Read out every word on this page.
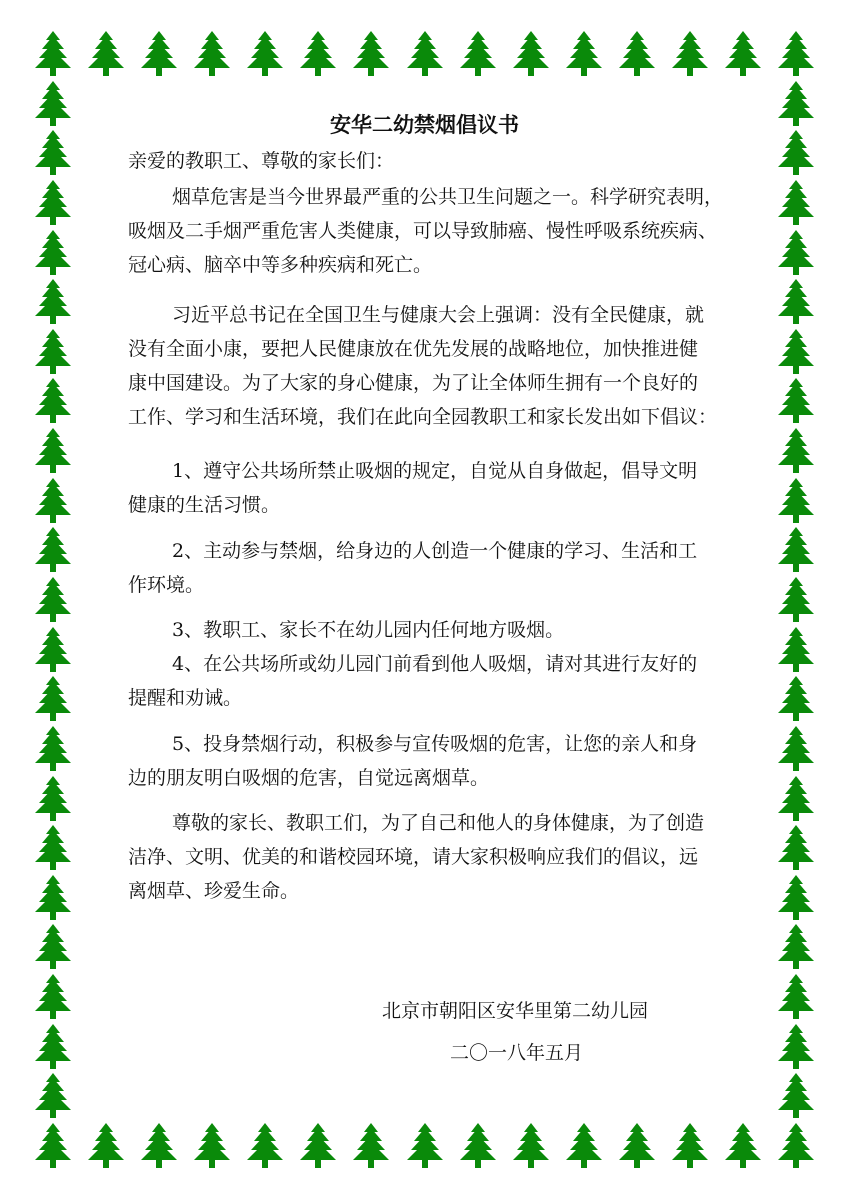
安华二幼禁烟倡议书

亲爱的教职工、尊敬的家长们：

烟草危害是当今世界最严重的公共卫生问题之一。科学研究表明，
吸烟及二手烟严重危害人类健康，可以导致肺癌、慢性呼吸系统疾病、
冠心病、脑卒中等多种疾病和死亡。

习近平总书记在全国卫生与健康大会上强调：没有全民健康，就
没有全面小康，要把人民健康放在优先发展的战略地位，加快推进健
康中国建设。为了大家的身心健康，为了让全体师生拥有一个良好的
工作、学习和生活环境，我们在此向全园教职工和家长发出如下倡议：

1、遵守公共场所禁止吸烟的规定，自觉从自身做起，倡导文明
健康的生活习惯。

2、主动参与禁烟，给身边的人创造一个健康的学习、生活和工
作环境。

3、教职工、家长不在幼儿园内任何地方吸烟。

4、在公共场所或幼儿园门前看到他人吸烟，请对其进行友好的
提醒和劝诫。

5、投身禁烟行动，积极参与宣传吸烟的危害，让您的亲人和身
边的朋友明白吸烟的危害，自觉远离烟草。

尊敬的家长、教职工们，为了自己和他人的身体健康，为了创造
洁净、文明、优美的和谐校园环境，请大家积极响应我们的倡议，远
离烟草、珍爱生命。

北京市朝阳区安华里第二幼儿园

二〇一八年五月
